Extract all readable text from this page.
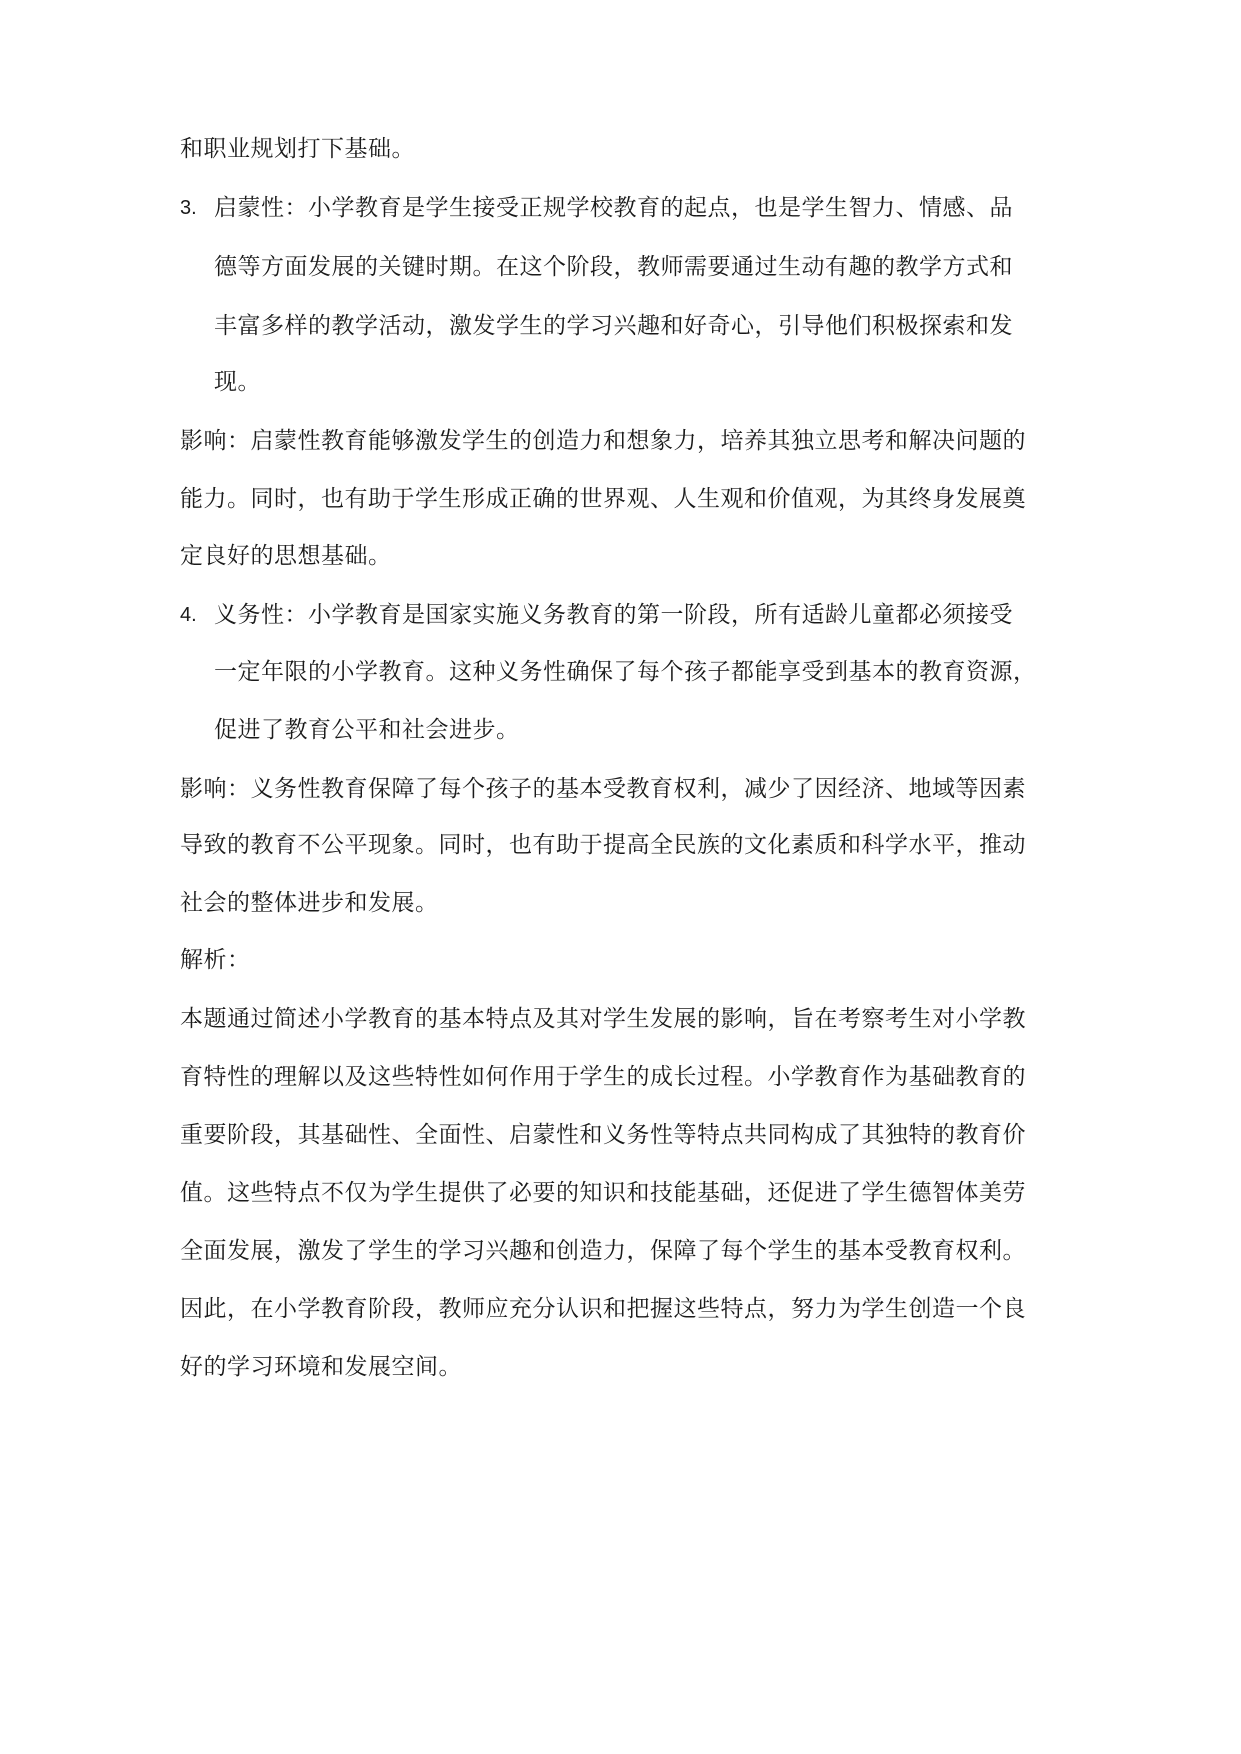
和职业规划打下基础。
3. 启蒙性：小学教育是学生接受正规学校教育的起点，也是学生智力、情感、品
德等方面发展的关键时期。在这个阶段，教师需要通过生动有趣的教学方式和
丰富多样的教学活动，激发学生的学习兴趣和好奇心，引导他们积极探索和发
现。
影响：启蒙性教育能够激发学生的创造力和想象力，培养其独立思考和解决问题的
能力。同时，也有助于学生形成正确的世界观、人生观和价值观，为其终身发展奠
定良好的思想基础。
4. 义务性：小学教育是国家实施义务教育的第一阶段，所有适龄儿童都必须接受
一定年限的小学教育。这种义务性确保了每个孩子都能享受到基本的教育资源，
促进了教育公平和社会进步。
影响：义务性教育保障了每个孩子的基本受教育权利，减少了因经济、地域等因素
导致的教育不公平现象。同时，也有助于提高全民族的文化素质和科学水平，推动
社会的整体进步和发展。
解析：
本题通过简述小学教育的基本特点及其对学生发展的影响，旨在考察考生对小学教
育特性的理解以及这些特性如何作用于学生的成长过程。小学教育作为基础教育的
重要阶段，其基础性、全面性、启蒙性和义务性等特点共同构成了其独特的教育价
值。这些特点不仅为学生提供了必要的知识和技能基础，还促进了学生德智体美劳
全面发展，激发了学生的学习兴趣和创造力，保障了每个学生的基本受教育权利。
因此，在小学教育阶段，教师应充分认识和把握这些特点，努力为学生创造一个良
好的学习环境和发展空间。
